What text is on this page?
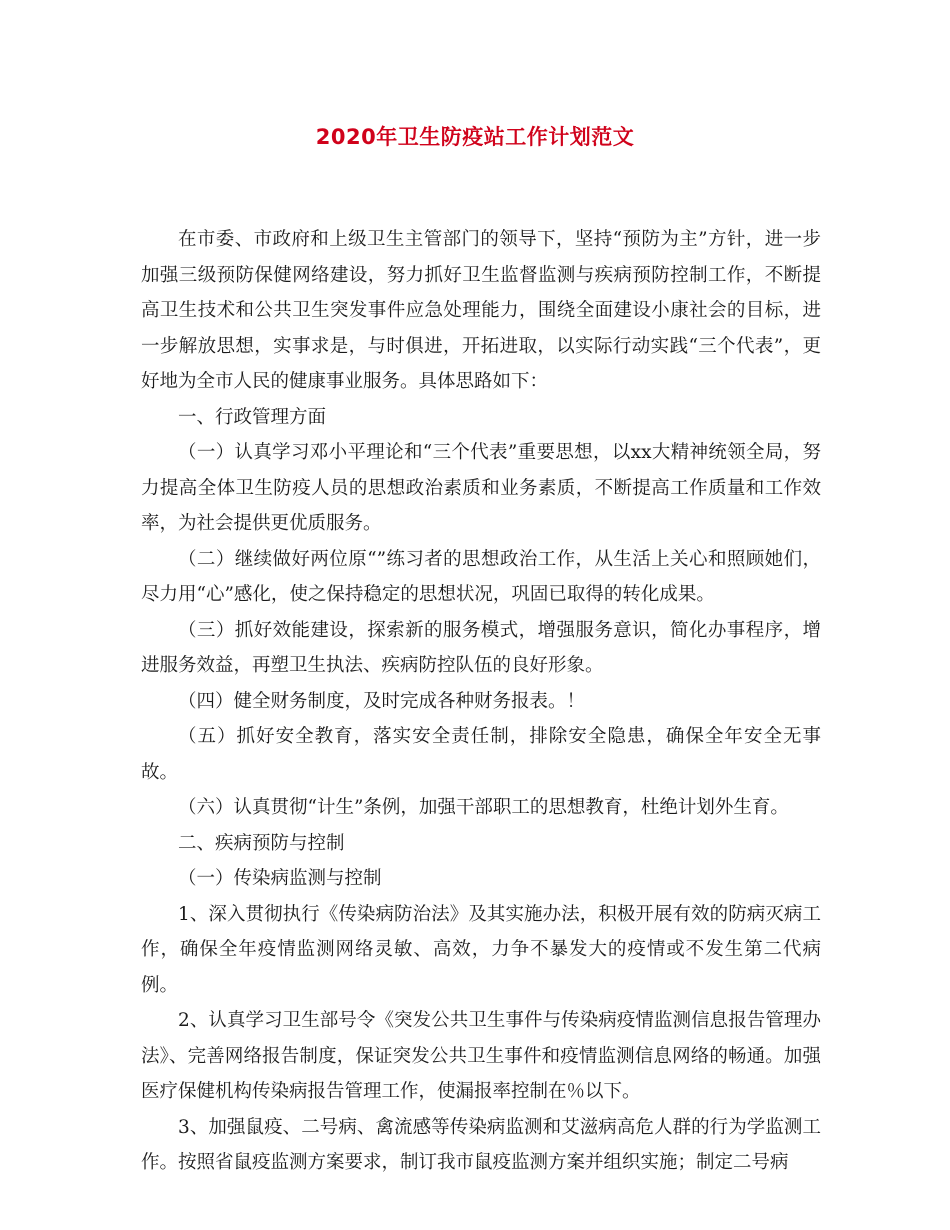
2020年卫生防疫站工作计划范文

在市委、市政府和上级卫生主管部门的领导下，坚持“预防为主”方针，进一步加强三级预防保健网络建设，努力抓好卫生监督监测与疾病预防控制工作，不断提高卫生技术和公共卫生突发事件应急处理能力，围绕全面建设小康社会的目标，进一步解放思想，实事求是，与时俱进，开拓进取，以实际行动实践“三个代表”，更好地为全市人民的健康事业服务。具体思路如下：

一、行政管理方面

（一）认真学习邓小平理论和“三个代表”重要思想，以xx大精神统领全局，努力提高全体卫生防疫人员的思想政治素质和业务素质，不断提高工作质量和工作效率，为社会提供更优质服务。

（二）继续做好两位原“”练习者的思想政治工作，从生活上关心和照顾她们，尽力用“心”感化，使之保持稳定的思想状况，巩固已取得的转化成果。

（三）抓好效能建设，探索新的服务模式，增强服务意识，简化办事程序，增进服务效益，再塑卫生执法、疾病防控队伍的良好形象。

（四）健全财务制度，及时完成各种财务报表。！

（五）抓好安全教育，落实安全责任制，排除安全隐患，确保全年安全无事故。

（六）认真贯彻“计生”条例，加强干部职工的思想教育，杜绝计划外生育。

二、疾病预防与控制

（一）传染病监测与控制

1、深入贯彻执行《传染病防治法》及其实施办法，积极开展有效的防病灭病工作，确保全年疫情监测网络灵敏、高效，力争不暴发大的疫情或不发生第二代病例。

2、认真学习卫生部号令《突发公共卫生事件与传染病疫情监测信息报告管理办法》、完善网络报告制度，保证突发公共卫生事件和疫情监测信息网络的畅通。加强医疗保健机构传染病报告管理工作，使漏报率控制在％以下。

3、加强鼠疫、二号病、禽流感等传染病监测和艾滋病高危人群的行为学监测工作。按照省鼠疫监测方案要求，制订我市鼠疫监测方案并组织实施；制定二号病
